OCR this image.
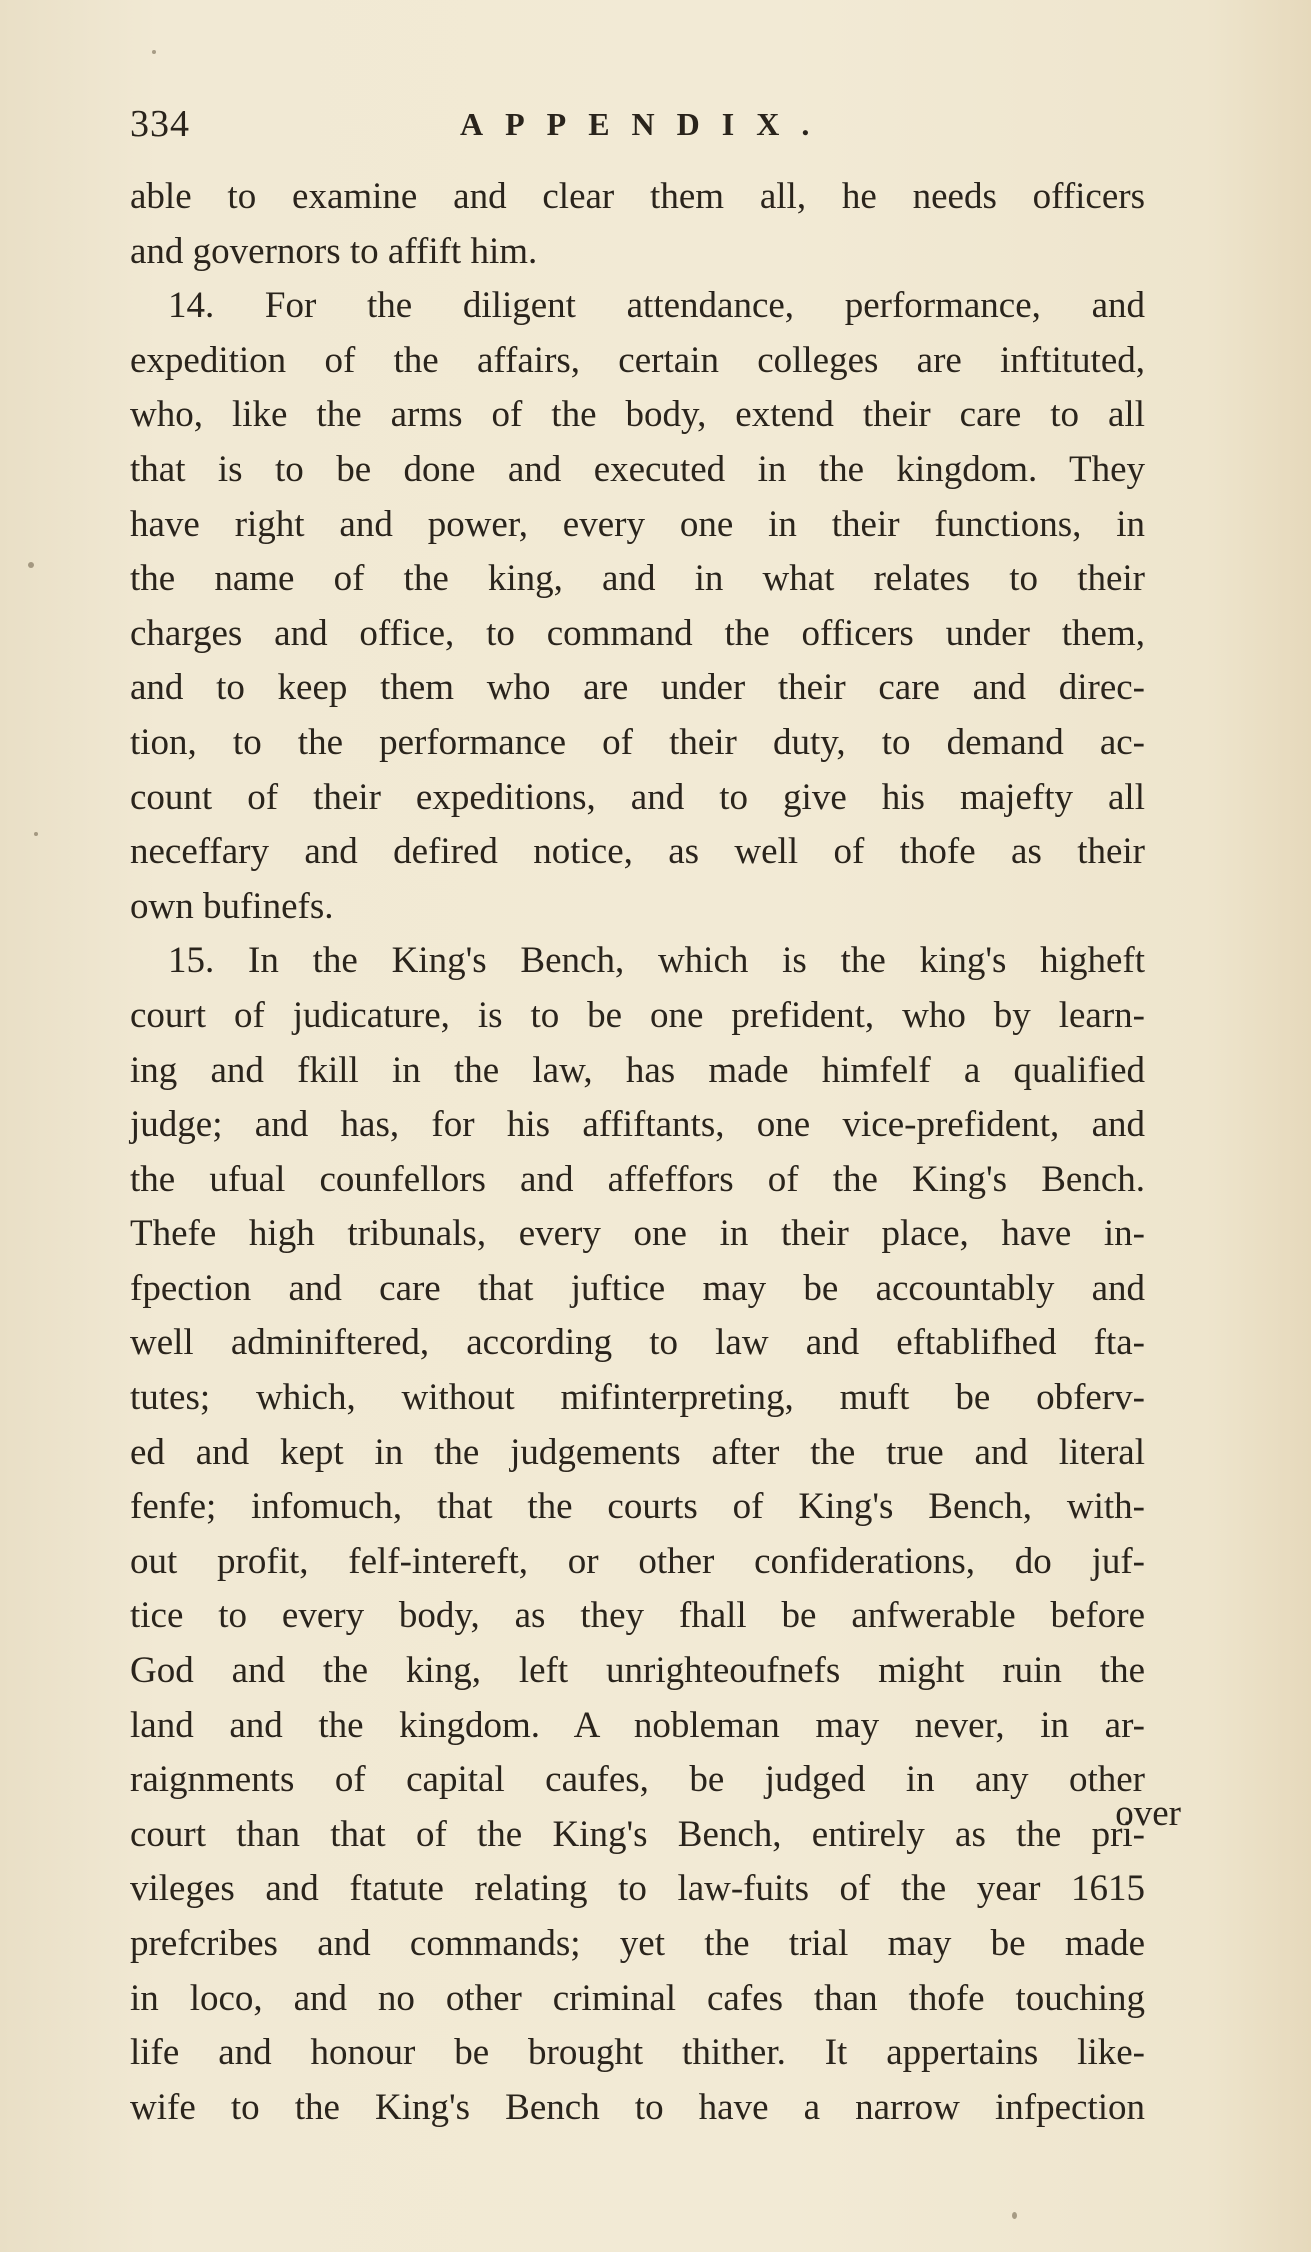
334	APPENDIX.
able to examine and clear them all, he needs officers
and governors to affift him.
14. For the diligent attendance, performance, and
expedition of the affairs, certain colleges are inftituted,
who, like the arms of the body, extend their care to all
that is to be done and executed in the kingdom. They
have right and power, every one in their functions, in
the name of the king, and in what relates to their
charges and office, to command the officers under them,
and to keep them who are under their care and direc-
tion, to the performance of their duty, to demand ac-
count of their expeditions, and to give his majefty all
neceffary and defired notice, as well of thofe as their
own bufinefs.
15. In the King's Bench, which is the king's higheft
court of judicature, is to be one prefident, who by learn-
ing and fkill in the law, has made himfelf a qualified
judge; and has, for his affiftants, one vice-prefident, and
the ufual counfellors and affeffors of the King's Bench.
Thefe high tribunals, every one in their place, have in-
fpection and care that juftice may be accountably and
well adminiftered, according to law and eftablifhed fta-
tutes; which, without mifinterpreting, muft be obferv-
ed and kept in the judgements after the true and literal
fenfe; infomuch, that the courts of King's Bench, with-
out profit, felf-intereft, or other confiderations, do juf-
tice to every body, as they fhall be anfwerable before
God and the king, left unrighteoufnefs might ruin the
land and the kingdom. A nobleman may never, in ar-
raignments of capital caufes, be judged in any other
court than that of the King's Bench, entirely as the pri-
vileges and ftatute relating to law-fuits of the year 1615
prefcribes and commands; yet the trial may be made
in loco, and no other criminal cafes than thofe touching
life and honour be brought thither. It appertains like-
wife to the King's Bench to have a narrow infpection
over
